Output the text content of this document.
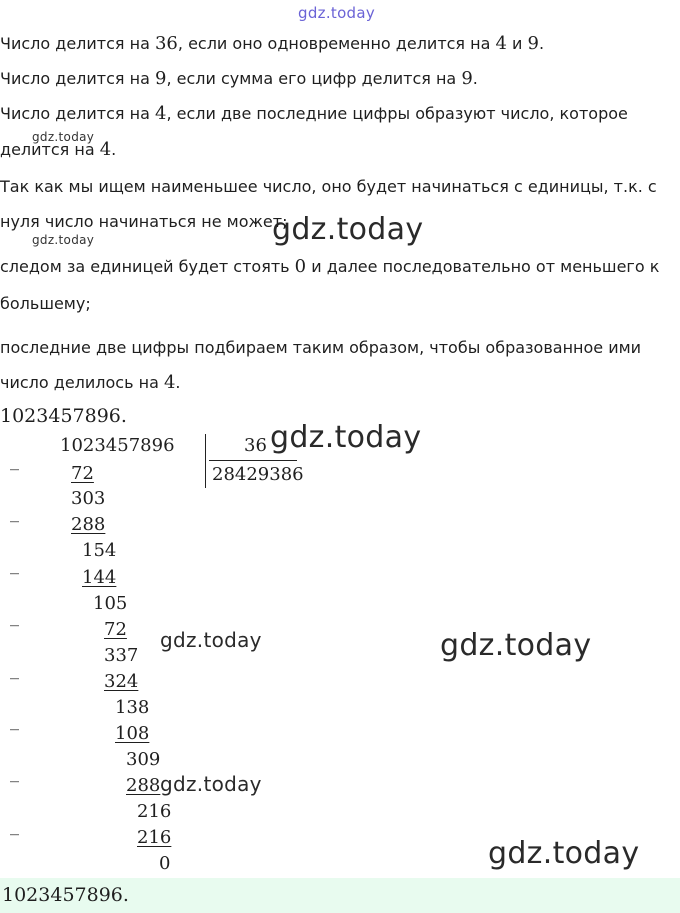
gdz.today
gdz.today
gdz.today	gdz.today
gdz.today
gdz.today	gdz.today
gdz.today
gdz.today
Число делится на 36, если оно одновременно делится на 4 и 9.
Число делится на 9, если сумма его цифр делится на 9.
Число делится на 4, если две последние цифры образуют число, которое
делится на 4.
Так как мы ищем наименьшее число, оно будет начинаться с единицы, т.к. с
нуля число начинаться не может;
следом за единицей будет стоять 0 и далее последовательно от меньшего к
большему;
последние две цифры подбираем таким образом, чтобы образованное ими
число делилось на 4.
1023457896.
1023457896	36
28429386
_
72
303
_
288
154
_
144
105
_
72
337
_
324
138
_
108
309
_
288
216
_
216
0
1023457896.
